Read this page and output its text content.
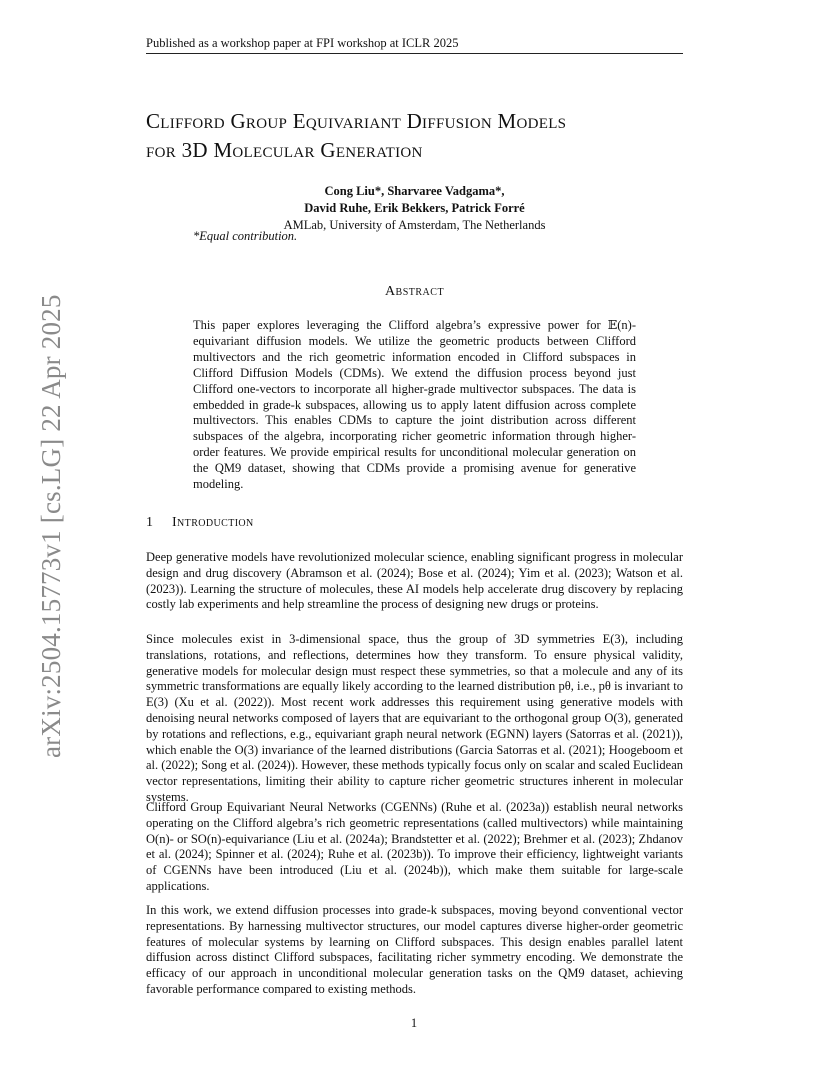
Published as a workshop paper at FPI workshop at ICLR 2025
arXiv:2504.15773v1 [cs.LG] 22 Apr 2025
Clifford Group Equivariant Diffusion Models
for 3D Molecular Generation
Cong Liu*, Sharvaree Vadgama*,
David Ruhe, Erik Bekkers, Patrick Forré
AMLab, University of Amsterdam, The Netherlands
*Equal contribution.
Abstract
This paper explores leveraging the Clifford algebra’s expressive power for 𝔼(n)-equivariant diffusion models. We utilize the geometric products between Clifford multivectors and the rich geometric information encoded in Clifford subspaces in Clifford Diffusion Models (CDMs). We extend the diffusion process beyond just Clifford one-vectors to incorporate all higher-grade multivector subspaces. The data is embedded in grade-k subspaces, allowing us to apply latent diffusion across complete multivectors. This enables CDMs to capture the joint distribution across different subspaces of the algebra, incorporating richer geometric information through higher-order features. We provide empirical results for unconditional molecular generation on the QM9 dataset, showing that CDMs provide a promising avenue for generative modeling.
1 Introduction
Deep generative models have revolutionized molecular science, enabling significant progress in molecular design and drug discovery (Abramson et al. (2024); Bose et al. (2024); Yim et al. (2023); Watson et al. (2023)). Learning the structure of molecules, these AI models help accelerate drug discovery by replacing costly lab experiments and help streamline the process of designing new drugs or proteins.
Since molecules exist in 3-dimensional space, thus the group of 3D symmetries E(3), including translations, rotations, and reflections, determines how they transform. To ensure physical validity, generative models for molecular design must respect these symmetries, so that a molecule and any of its symmetric transformations are equally likely according to the learned distribution pθ, i.e., pθ is invariant to E(3) (Xu et al. (2022)). Most recent work addresses this requirement using generative models with denoising neural networks composed of layers that are equivariant to the orthogonal group O(3), generated by rotations and reflections, e.g., equivariant graph neural network (EGNN) layers (Satorras et al. (2021)), which enable the O(3) invariance of the learned distributions (Garcia Satorras et al. (2021); Hoogeboom et al. (2022); Song et al. (2024)). However, these methods typically focus only on scalar and scaled Euclidean vector representations, limiting their ability to capture richer geometric structures inherent in molecular systems.
Clifford Group Equivariant Neural Networks (CGENNs) (Ruhe et al. (2023a)) establish neural networks operating on the Clifford algebra’s rich geometric representations (called multivectors) while maintaining O(n)- or SO(n)-equivariance (Liu et al. (2024a); Brandstetter et al. (2022); Brehmer et al. (2023); Zhdanov et al. (2024); Spinner et al. (2024); Ruhe et al. (2023b)). To improve their efficiency, lightweight variants of CGENNs have been introduced (Liu et al. (2024b)), which make them suitable for large-scale applications.
In this work, we extend diffusion processes into grade-k subspaces, moving beyond conventional vector representations. By harnessing multivector structures, our model captures diverse higher-order geometric features of molecular systems by learning on Clifford subspaces. This design enables parallel latent diffusion across distinct Clifford subspaces, facilitating richer symmetry encoding. We demonstrate the efficacy of our approach in unconditional molecular generation tasks on the QM9 dataset, achieving favorable performance compared to existing methods.
1
